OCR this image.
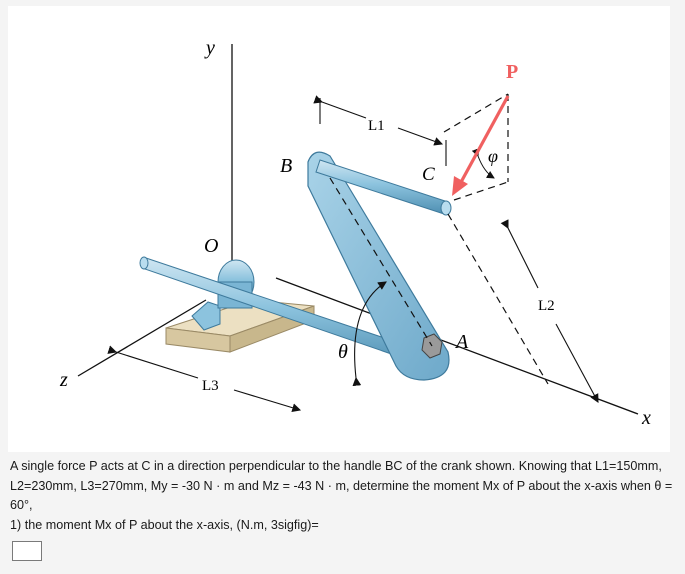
y
x
z
O
B	C
A
P
φ
θ
L1
L2
L3
A single force P acts at C in a direction perpendicular to the handle BC of the crank shown. Knowing that L1=150mm,
L2=230mm, L3=270mm, My = -30 N · m and Mz = -43 N · m, determine the moment Mx of P about the x-axis when θ =
60°,
1) the moment Mx of P about the x-axis, (N.m, 3sigfig)=
